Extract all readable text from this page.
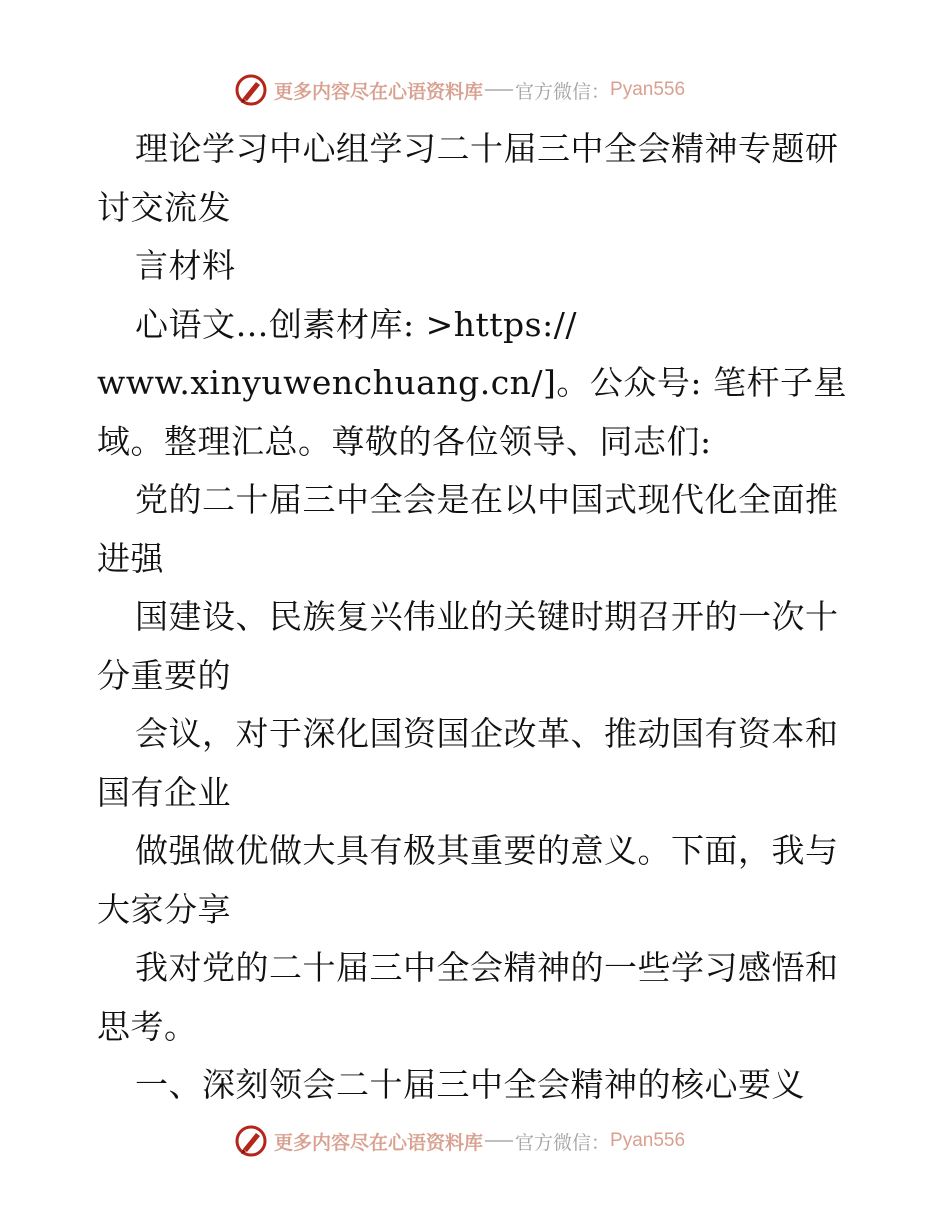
更多内容尽在心语资料库 官方微信： Pyan556
理论学习中心组学习二十届三中全会精神专题研
讨交流发
言材料
心语文…创素材库: >https://
www.xinyuwenchuang.cn/]。公众号: 笔杆子星
域。整理汇总。尊敬的各位领导、同志们:
党的二十届三中全会是在以中国式现代化全面推
进强
国建设、民族复兴伟业的关键时期召开的一次十
分重要的
会议，对于深化国资国企改革、推动国有资本和
国有企业
做强做优做大具有极其重要的意义。下面，我与
大家分享
我对党的二十届三中全会精神的一些学习感悟和
思考。
一、深刻领会二十届三中全会精神的核心要义
更多内容尽在心语资料库 官方微信： Pyan556
